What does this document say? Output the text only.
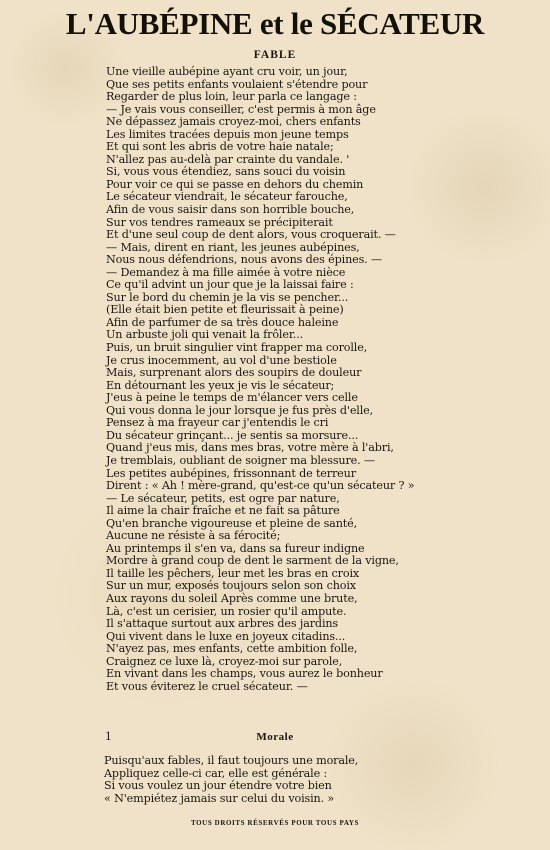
L'AUBÉPINE et le SÉCATEUR
FABLE
Une vieille aubépine ayant cru voir, un jour,
Que ses petits enfants voulaient s'étendre pour
Regarder de plus loin, leur parla ce langage :
— Je vais vous conseiller, c'est permis à mon âge
Ne dépassez jamais croyez-moi, chers enfants
Les limites tracées depuis mon jeune temps
Et qui sont les abris de votre haie natale;
N'allez pas au-delà par crainte du vandale. '
Si, vous vous étendiez, sans souci du voisin
Pour voir ce qui se passe en dehors du chemin
Le sécateur viendrait, le sécateur farouche,
Afin de vous saisir dans son horrible bouche,
Sur vos tendres rameaux se précipiterait
Et d'une seul coup de dent alors, vous croquerait. —
— Mais, dirent en riant, les jeunes aubépines,
Nous nous défendrions, nous avons des épines. —
— Demandez à ma fille aimée à votre nièce
Ce qu'il advint un jour que je la laissai faire :
Sur le bord du chemin je la vis se pencher...
(Elle était bien petite et fleurissait à peine)
Afin de parfumer de sa très douce haleine
Un arbuste joli qui venait la frôler...
Puis, un bruit singulier vint frapper ma corolle,
Je crus inocemment, au vol d'une bestiole
Mais, surprenant alors des soupirs de douleur
En détournant les yeux je vis le sécateur;
J'eus à peine le temps de m'élancer vers celle
Qui vous donna le jour lorsque je fus près d'elle,
Pensez à ma frayeur car j'entendis le cri
Du sécateur grinçant... je sentis sa morsure...
Quand j'eus mis, dans mes bras, votre mère à l'abri,
Je tremblais, oubliant de soigner ma blessure. —
Les petites aubépines, frissonnant de terreur
Dirent : « Ah ! mère-grand, qu'est-ce qu'un sécateur ? »
— Le sécateur, petits, est ogre par nature,
Il aime la chair fraîche et ne fait sa pâture
Qu'en branche vigoureuse et pleine de santé,
Aucune ne résiste à sa férocité;
Au printemps il s'en va, dans sa fureur indigne
Mordre à grand coup de dent le sarment de la vigne,
Il taille les pêchers, leur met les bras en croix
Sur un mur, exposés toujours selon son choix
Aux rayons du soleil Après comme une brute,
Là, c'est un cerisier, un rosier qu'il ampute.
Il s'attaque surtout aux arbres des jardins
Qui vivent dans le luxe en joyeux citadins...
N'ayez pas, mes enfants, cette ambition folle,
Craignez ce luxe là, croyez-moi sur parole,
En vivant dans les champs, vous aurez le bonheur
Et vous éviterez le cruel sécateur. —
1	Morale
Puisqu'aux fables, il faut toujours une morale,
Appliquez celle-ci car, elle est générale :
Si vous voulez un jour étendre votre bien
« N'empiétez jamais sur celui du voisin. »
TOUS DROITS RÉSERVÉS POUR TOUS PAYS
